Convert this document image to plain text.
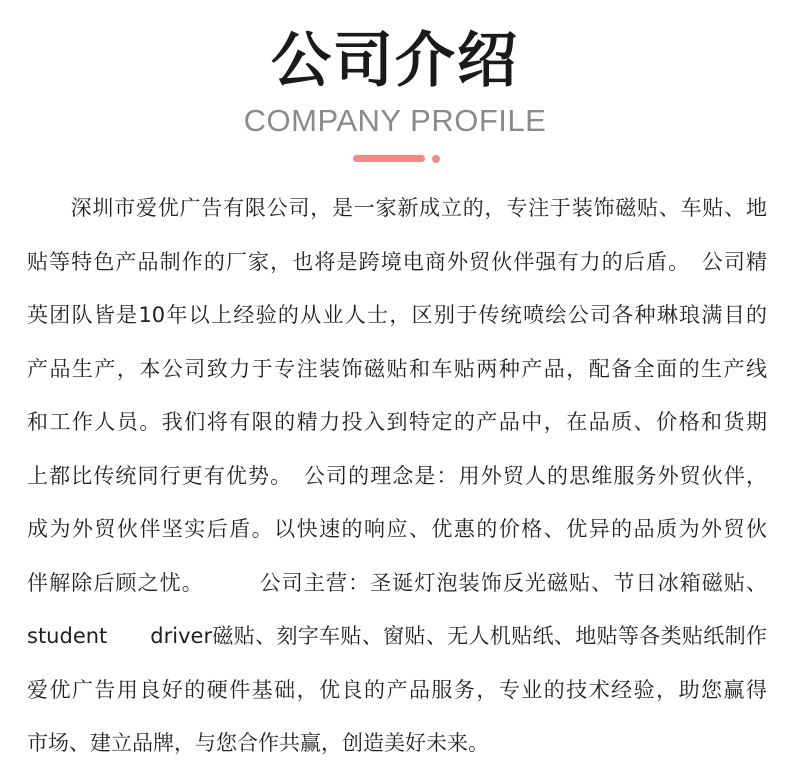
公司介绍
COMPANY PROFILE
　　深圳市爱优广告有限公司，是一家新成立的，专注于装饰磁贴、车贴、地
贴等特色产品制作的厂家，也将是跨境电商外贸伙伴强有力的后盾。　公司精
英团队皆是10年以上经验的从业人士，区别于传统喷绘公司各种琳琅满目的
产品生产，本公司致力于专注装饰磁贴和车贴两种产品，配备全面的生产线
和工作人员。我们将有限的精力投入到特定的产品中，在品质、价格和货期
上都比传统同行更有优势。　公司的理念是：用外贸人的思维服务外贸伙伴，
成为外贸伙伴坚实后盾。以快速的响应、优惠的价格、优异的品质为外贸伙
伴解除后顾之忧。　　　公司主营：圣诞灯泡装饰反光磁贴、节日冰箱磁贴、
student　　driver磁贴、刻字车贴、窗贴、无人机贴纸、地贴等各类贴纸制作
爱优广告用良好的硬件基础，优良的产品服务，专业的技术经验，助您赢得
市场、建立品牌，与您合作共赢，创造美好未来。
